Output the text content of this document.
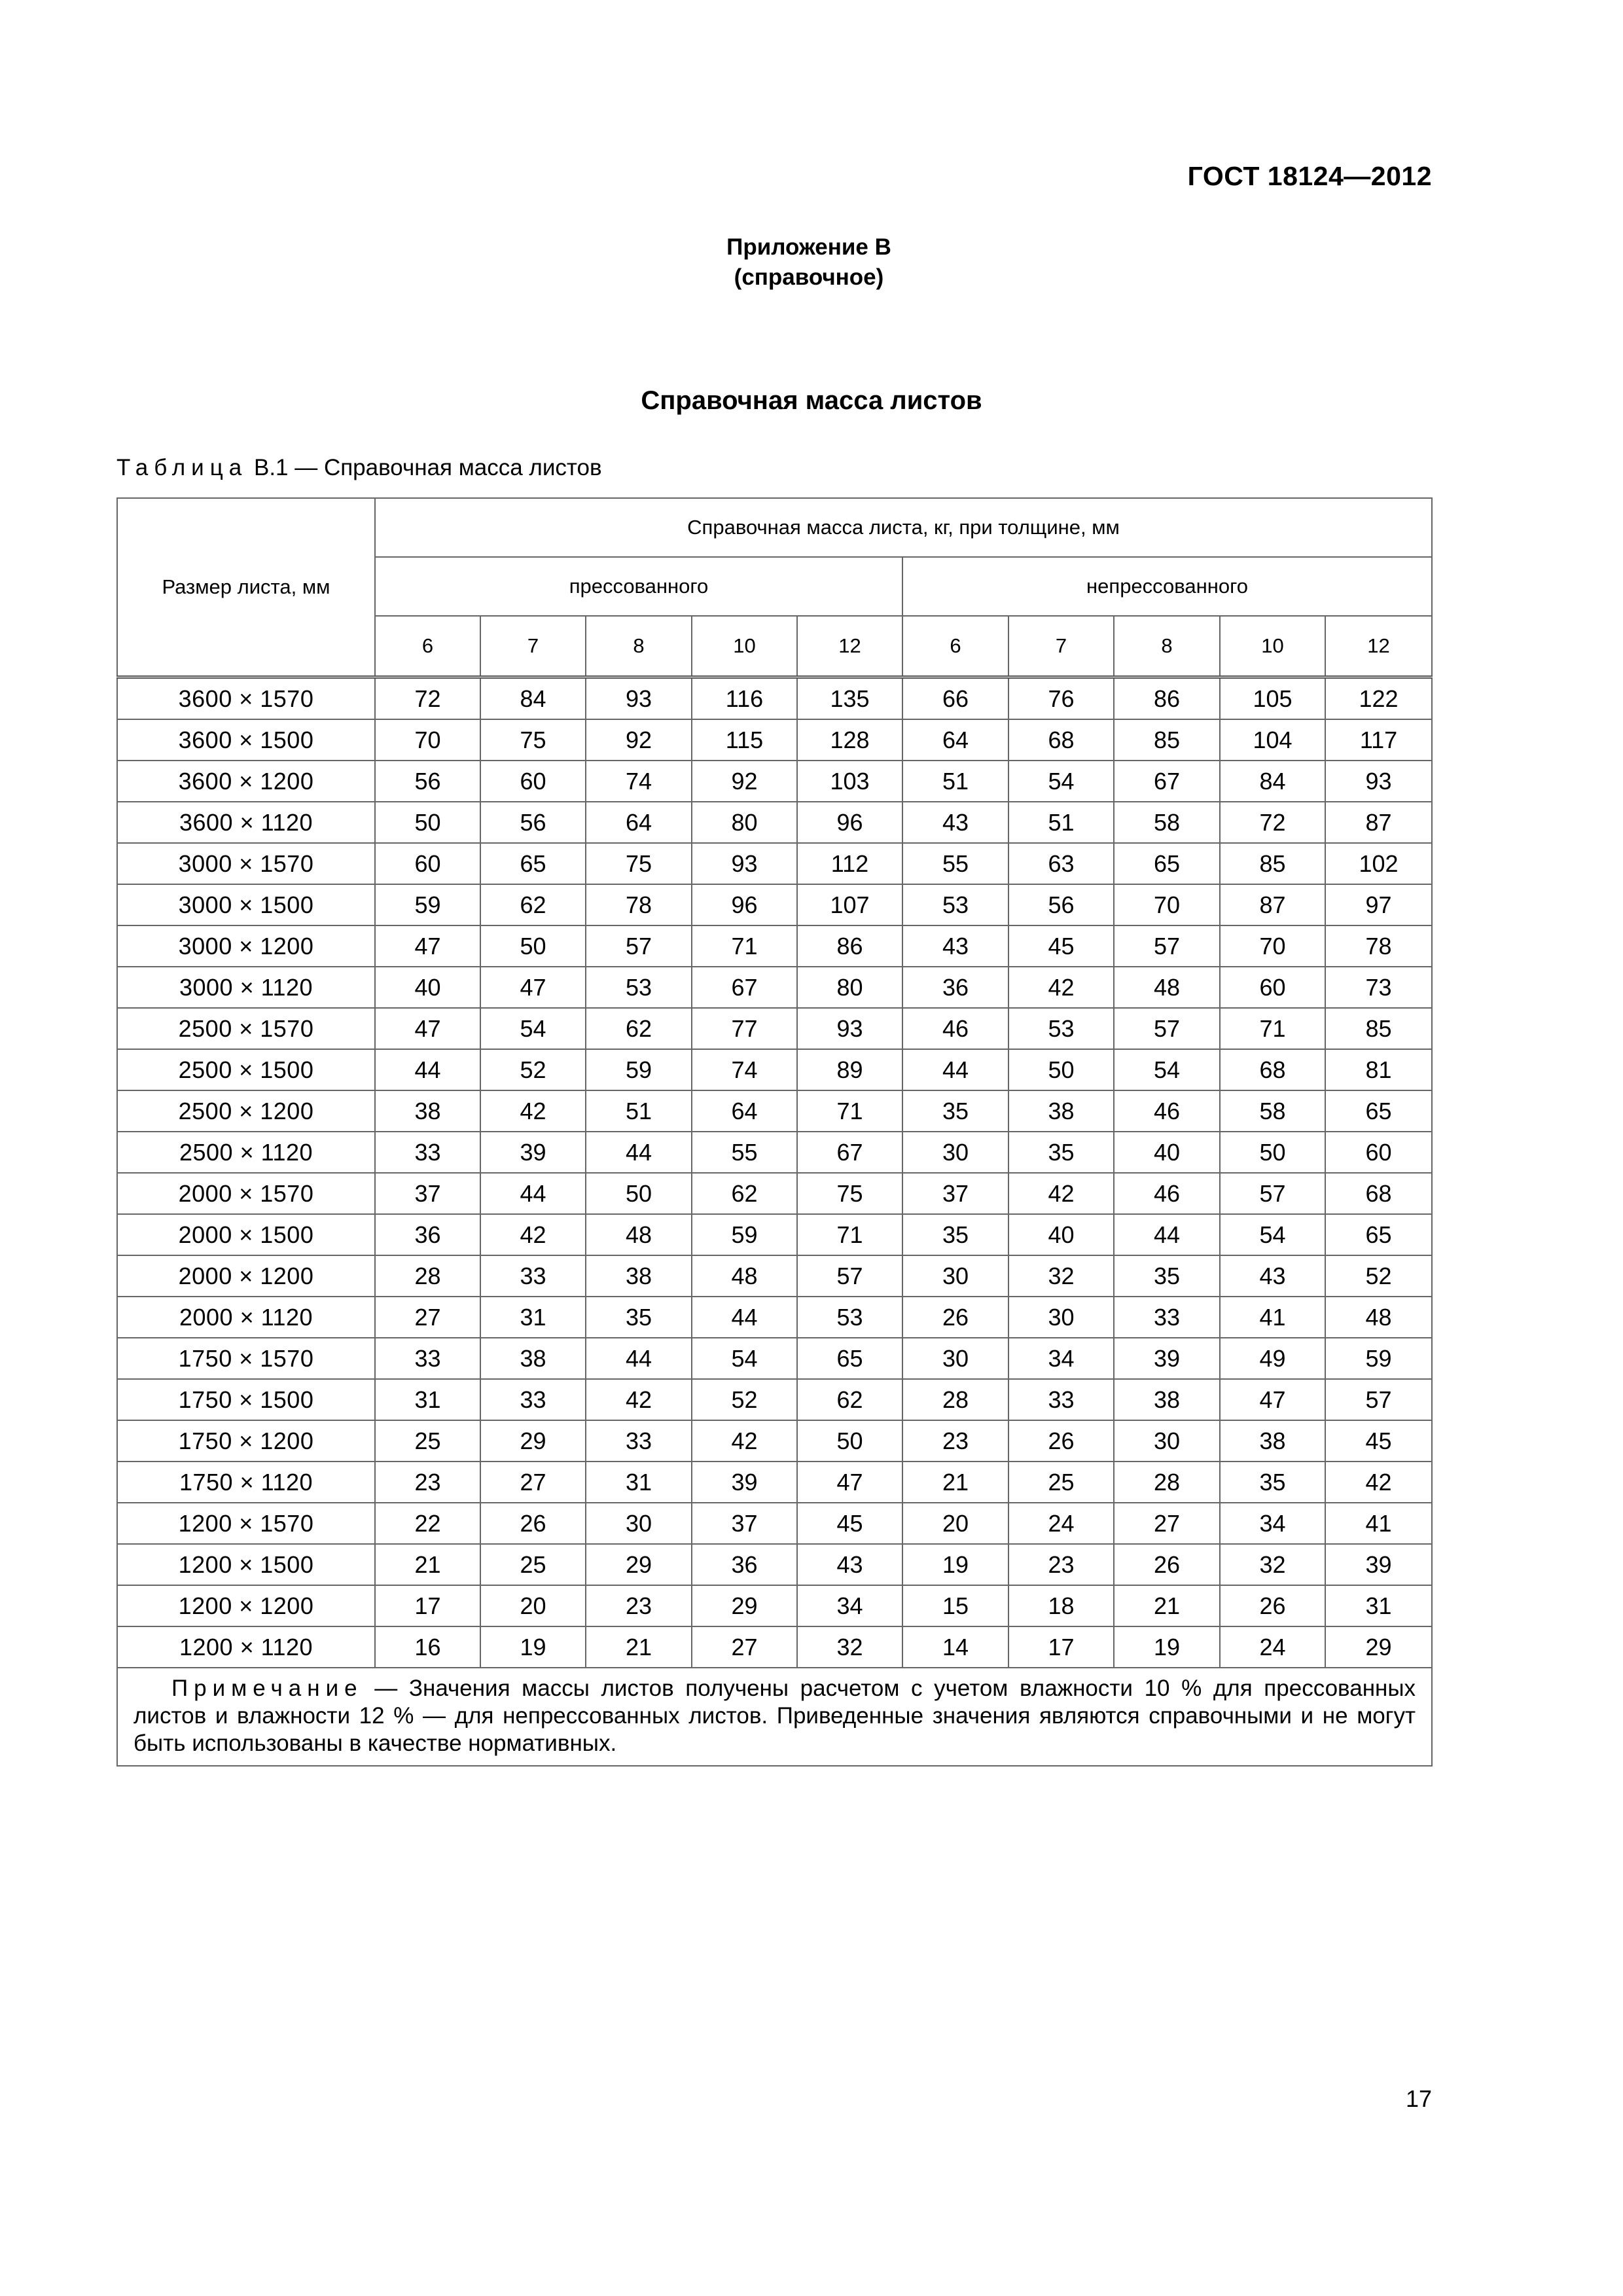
ГОСТ 18124—2012
Приложение В
(справочное)
Справочная масса листов
Таблица В.1 — Справочная масса листов
Размер листа, мм	Справочная масса листа, кг, при толщине, мм									
	прессованного					непрессованного				
	6	7	8	10	12	6	7	8	10	12
3600 × 1570	72	84	93	116	135	66	76	86	105	122
3600 × 1500	70	75	92	115	128	64	68	85	104	117
3600 × 1200	56	60	74	92	103	51	54	67	84	93
3600 × 1120	50	56	64	80	96	43	51	58	72	87
3000 × 1570	60	65	75	93	112	55	63	65	85	102
3000 × 1500	59	62	78	96	107	53	56	70	87	97
3000 × 1200	47	50	57	71	86	43	45	57	70	78
3000 × 1120	40	47	53	67	80	36	42	48	60	73
2500 × 1570	47	54	62	77	93	46	53	57	71	85
2500 × 1500	44	52	59	74	89	44	50	54	68	81
2500 × 1200	38	42	51	64	71	35	38	46	58	65
2500 × 1120	33	39	44	55	67	30	35	40	50	60
2000 × 1570	37	44	50	62	75	37	42	46	57	68
2000 × 1500	36	42	48	59	71	35	40	44	54	65
2000 × 1200	28	33	38	48	57	30	32	35	43	52
2000 × 1120	27	31	35	44	53	26	30	33	41	48
1750 × 1570	33	38	44	54	65	30	34	39	49	59
1750 × 1500	31	33	42	52	62	28	33	38	47	57
1750 × 1200	25	29	33	42	50	23	26	30	38	45
1750 × 1120	23	27	31	39	47	21	25	28	35	42
1200 × 1570	22	26	30	37	45	20	24	27	34	41
1200 × 1500	21	25	29	36	43	19	23	26	32	39
1200 × 1200	17	20	23	29	34	15	18	21	26	31
1200 × 1120	16	19	21	27	32	14	17	19	24	29
Примечание — Значения массы листов получены расчетом с учетом влажности 10 % для прессованных листов и влажности 12 % — для непрессованных листов. Приведенные значения являются справочными и не могут быть использованы в качестве нормативных.										
17
